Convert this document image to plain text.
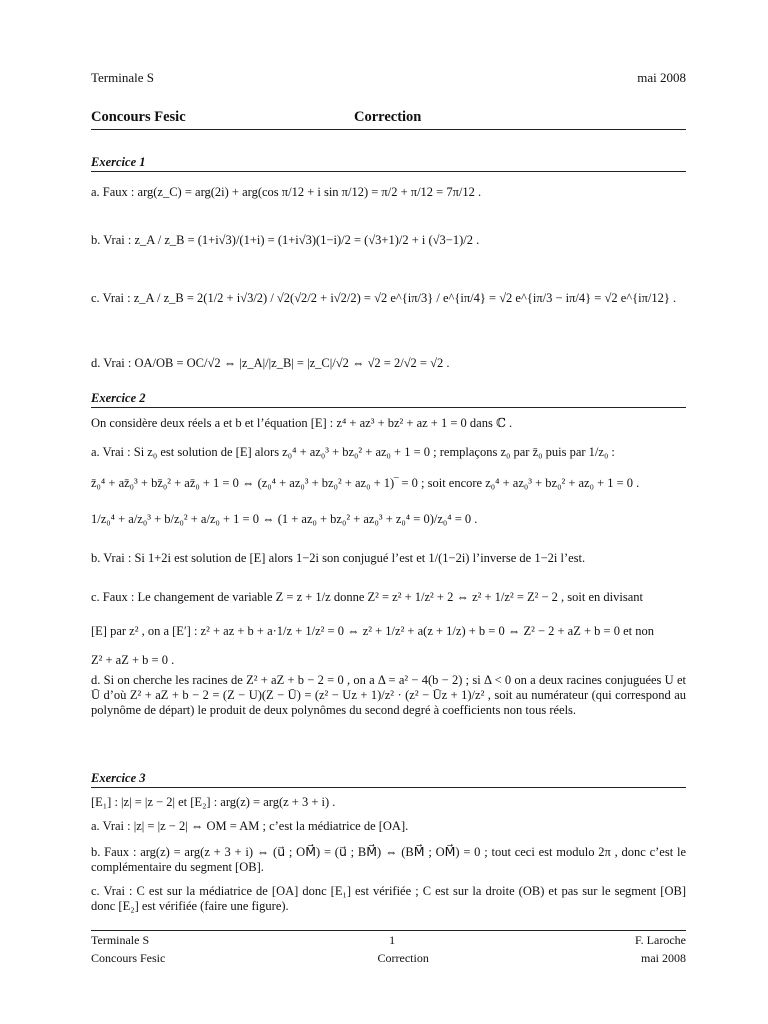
Terminale S	mai 2008
Concours Fesic	Correction
Exercice 1
a. Faux : arg(z_C) = arg(2i) + arg(cos π/12 + i sin π/12) = π/2 + π/12 = 7π/12 .
b. Vrai : z_A / z_B = (1+i√3)/(1+i) = (1+i√3)(1−i)/2 = (√3+1)/2 + i (√3−1)/2 .
c. Vrai : z_A / z_B = 2(1/2 + i√3/2) / √2(√2/2 + i√2/2) = √2 e^{iπ/3} / e^{iπ/4} = √2 e^{iπ/3 − iπ/4} = √2 e^{iπ/12} .
d. Vrai : OA/OB = OC/√2 ⇔ |z_A|/|z_B| = |z_C|/√2 ⇔ √2 = 2/√2 = √2 .
Exercice 2
On considère deux réels a et b et l’équation [E] : z⁴ + az³ + bz² + az + 1 = 0 dans ℂ .
a. Vrai : Si z₀ est solution de [E] alors z₀⁴ + az₀³ + bz₀² + az₀ + 1 = 0 ; remplaçons z₀ par z̄₀ puis par 1/z₀ :
z̄₀⁴ + az̄₀³ + bz̄₀² + az̄₀ + 1 = 0 ⇔ (z₀⁴ + az₀³ + bz₀² + az₀ + 1)‾ = 0 ; soit encore z₀⁴ + az₀³ + bz₀² + az₀ + 1 = 0 .
1/z₀⁴ + a/z₀³ + b/z₀² + a/z₀ + 1 = 0 ⇔ (1 + az₀ + bz₀² + az₀³ + z₀⁴ = 0)/z₀⁴ = 0 .
b. Vrai : Si 1+2i est solution de [E] alors 1−2i son conjugué l’est et 1/(1−2i) l’inverse de 1−2i l’est.
c. Faux : Le changement de variable Z = z + 1/z donne Z² = z² + 1/z² + 2 ⇔ z² + 1/z² = Z² − 2 , soit en divisant
[E] par z² , on a [E′] : z² + az + b + a·1/z + 1/z² = 0 ⇔ z² + 1/z² + a(z + 1/z) + b = 0 ⇔ Z² − 2 + aZ + b = 0 et non
Z² + aZ + b = 0 .
d. Si on cherche les racines de Z² + aZ + b − 2 = 0 , on a Δ = a² − 4(b − 2) ; si Δ < 0 on a deux racines conjuguées U et Ū d’où Z² + aZ + b − 2 = (Z − U)(Z − Ū) = (z² − Uz + 1)/z² · (z² − Ūz + 1)/z² , soit au numérateur (qui correspond au polynôme de départ) le produit de deux polynômes du second degré à coefficients non tous réels.
Exercice 3
[E₁] : |z| = |z − 2| et [E₂] : arg(z) = arg(z + 3 + i) .
a. Vrai : |z| = |z − 2| ⇔ OM = AM ; c’est la médiatrice de [OA].
b. Faux : arg(z) = arg(z + 3 + i) ⇔ (u⃗ ; OM⃗) = (u⃗ ; BM⃗) ⇔ (BM⃗ ; OM⃗) = 0 ; tout ceci est modulo 2π , donc c’est le complémentaire du segment [OB].
c. Vrai : C est sur la médiatrice de [OA] donc [E₁] est vérifiée ; C est sur la droite (OB) et pas sur le segment [OB] donc [E₂] est vérifiée (faire une figure).
Terminale S	1	F. Laroche
Concours Fesic	Correction	mai 2008
